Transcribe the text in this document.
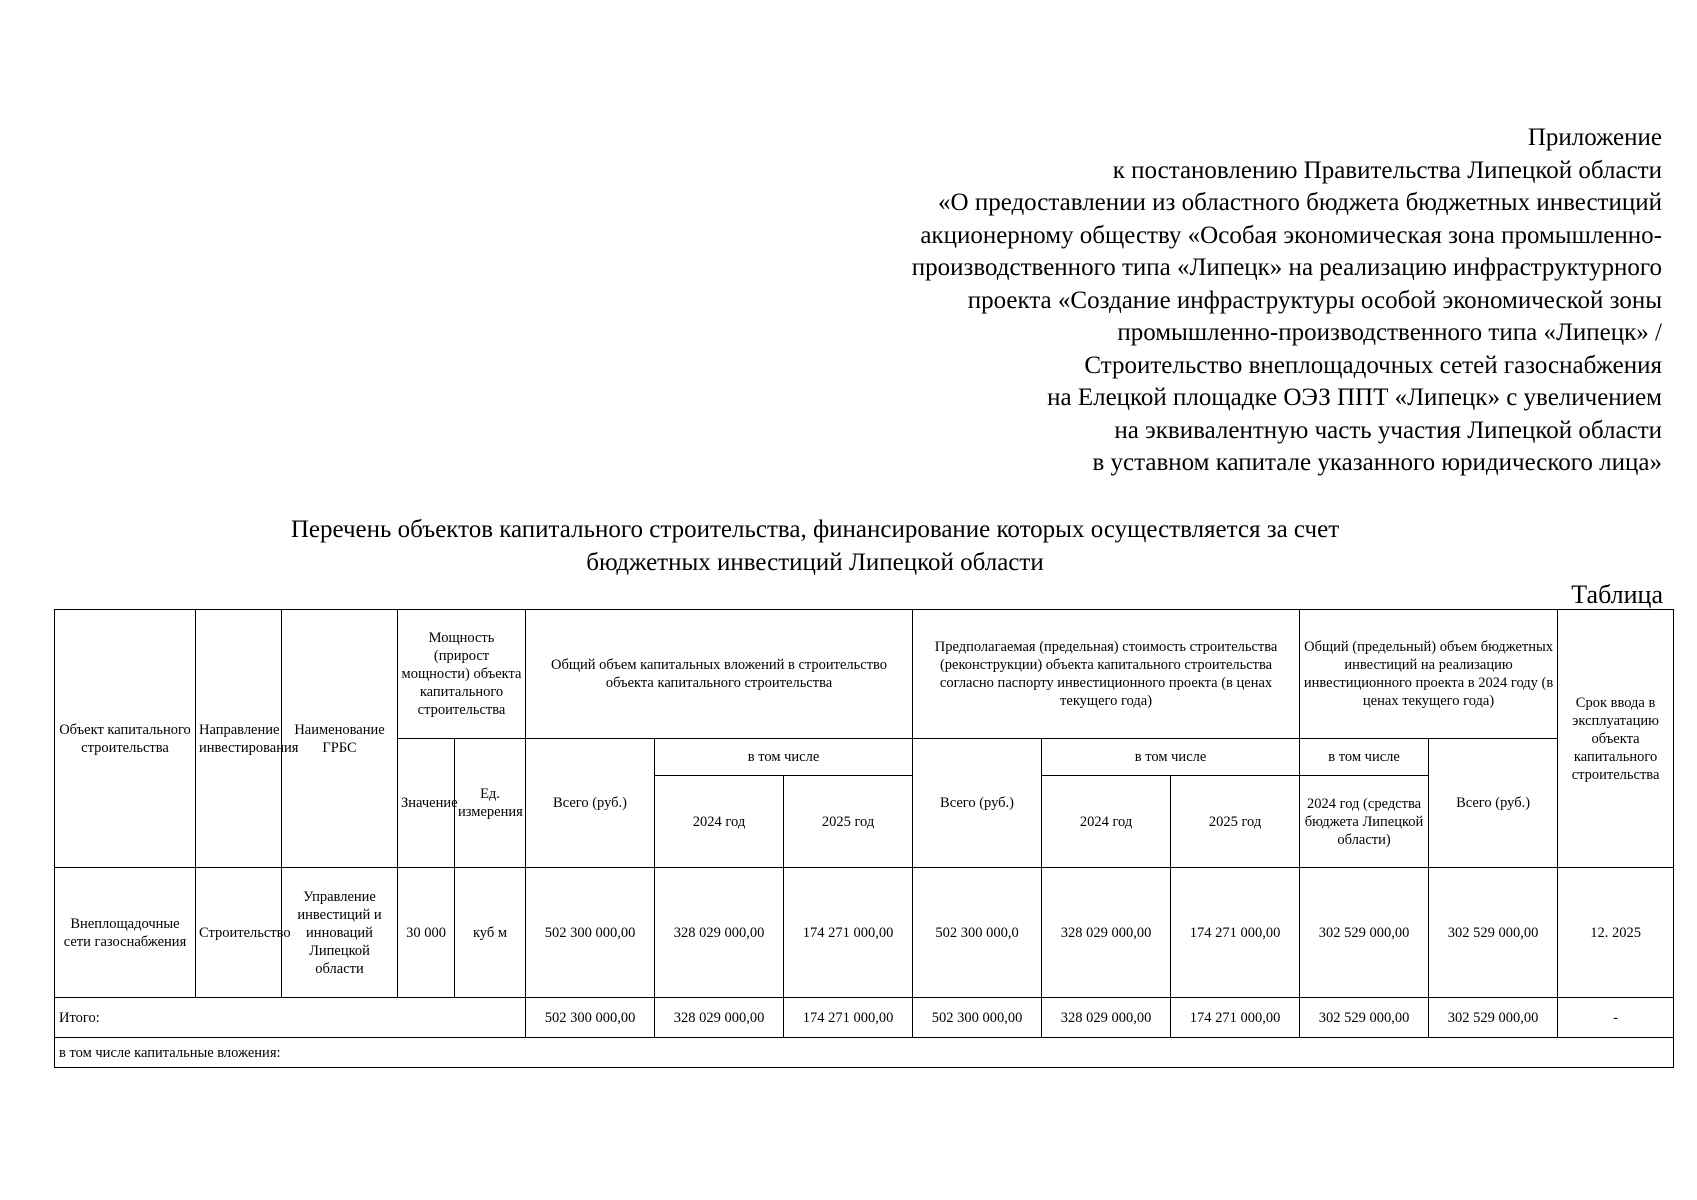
Приложение
к постановлению Правительства Липецкой области
«О предоставлении из областного бюджета бюджетных инвестиций
акционерному обществу «Особая экономическая зона промышленно-
производственного типа «Липецк» на реализацию инфраструктурного
проекта «Создание инфраструктуры особой экономической зоны
промышленно-производственного типа «Липецк» /
Строительство внеплощадочных сетей газоснабжения
на Елецкой площадке ОЭЗ ППТ «Липецк» с увеличением
на эквивалентную часть участия Липецкой области
в уставном капитале указанного юридического лица»
Перечень объектов капитального строительства, финансирование которых осуществляется за счет
бюджетных инвестиций Липецкой области
Таблица
Объект капитального строительства	Направление инвестирования	Наименование ГРБС	Мощность (прирост мощности) объекта капитального строительства		Общий объем капитальных вложений в строительство объекта капитального строительства			Предполагаемая (предельная) стоимость строительства (реконструкции) объекта капитального строительства согласно паспорту инвестиционного проекта (в ценах текущего года)			Общий (предельный) объем бюджетных инвестиций на реализацию инвестиционного проекта в 2024 году (в ценах текущего года)		Срок ввода в эксплуатацию объекта капитального строительства
			Значение	Ед. измерения	Всего (руб.)	в том числе		Всего (руб.)	в том числе		в том числе	Всего (руб.)	
						2024 год	2025 год		2024 год	2025 год	2024 год (средства бюджета Липецкой области)		
Внеплощадочные сети газоснабжения	Строительство	Управление инвестиций и инноваций Липецкой области	30 000	куб м	502 300 000,00	328 029 000,00	174 271 000,00	502 300 000,0	328 029 000,00	174 271 000,00	302 529 000,00	302 529 000,00	12. 2025
Итого:					502 300 000,00	328 029 000,00	174 271 000,00	502 300 000,00	328 029 000,00	174 271 000,00	302 529 000,00	302 529 000,00	-
в том числе капитальные вложения:													
